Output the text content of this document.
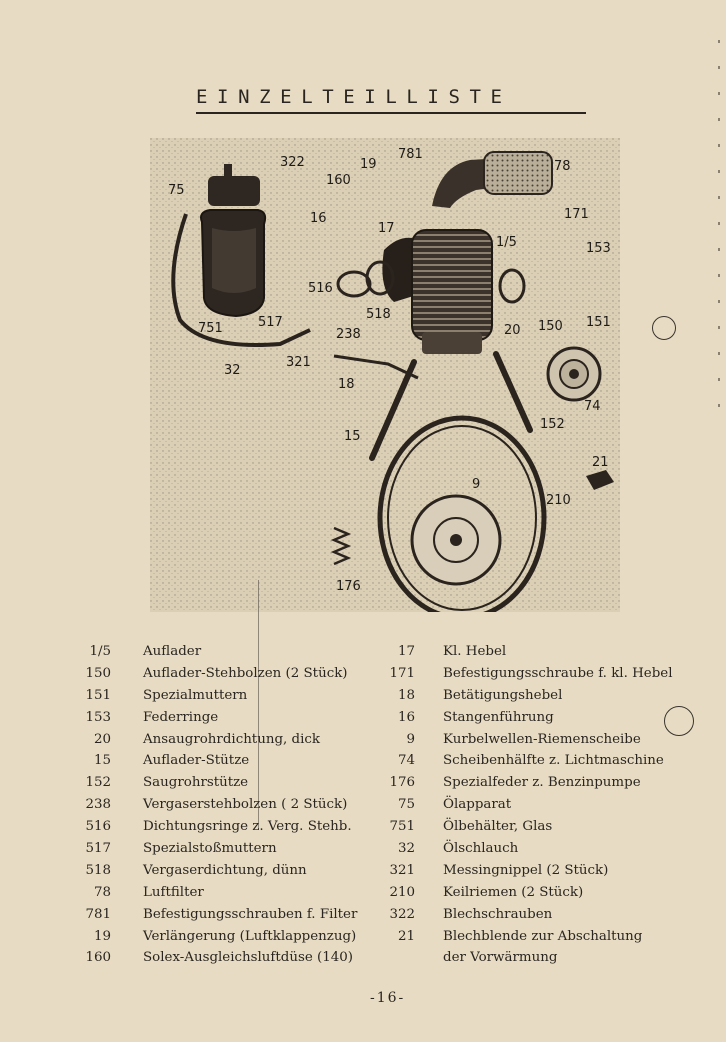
EINZELTEILLISTE
781
78
322	19
75
160
16
17
171
1/5	153
516
751	517
238
518
20 150 151
32
321
18
74
15
152
21
9
210
176
1/5 Auflader
150 Auflader-Stehbolzen (2 Stück)
151 Spezialmuttern
153 Federringe
20 Ansaugrohrdichtung, dick
15 Auflader-Stütze
152 Saugrohrstütze
238 Vergaserstehbolzen ( 2 Stück)
516 Dichtungsringe z. Verg. Stehb.
517 Spezialstoßmuttern
518 Vergaserdichtung, dünn
78 Luftfilter
781 Befestigungsschrauben f. Filter
19 Verlängerung (Luftklappenzug)
160 Solex-Ausgleichsluftdüse (140)
17 Kl. Hebel
171 Befestigungsschraube f. kl. Hebel
18 Betätigungshebel
16 Stangenführung
9 Kurbelwellen-Riemenscheibe
74 Scheibenhälfte z. Lichtmaschine
176 Spezialfeder z. Benzinpumpe
75 Ölapparat
751 Ölbehälter, Glas
32 Ölschlauch
321 Messingnippel (2 Stück)
210 Keilriemen (2 Stück)
322 Blechschrauben
21 Blechblende zur Abschaltung
der Vorwärmung
-16-
